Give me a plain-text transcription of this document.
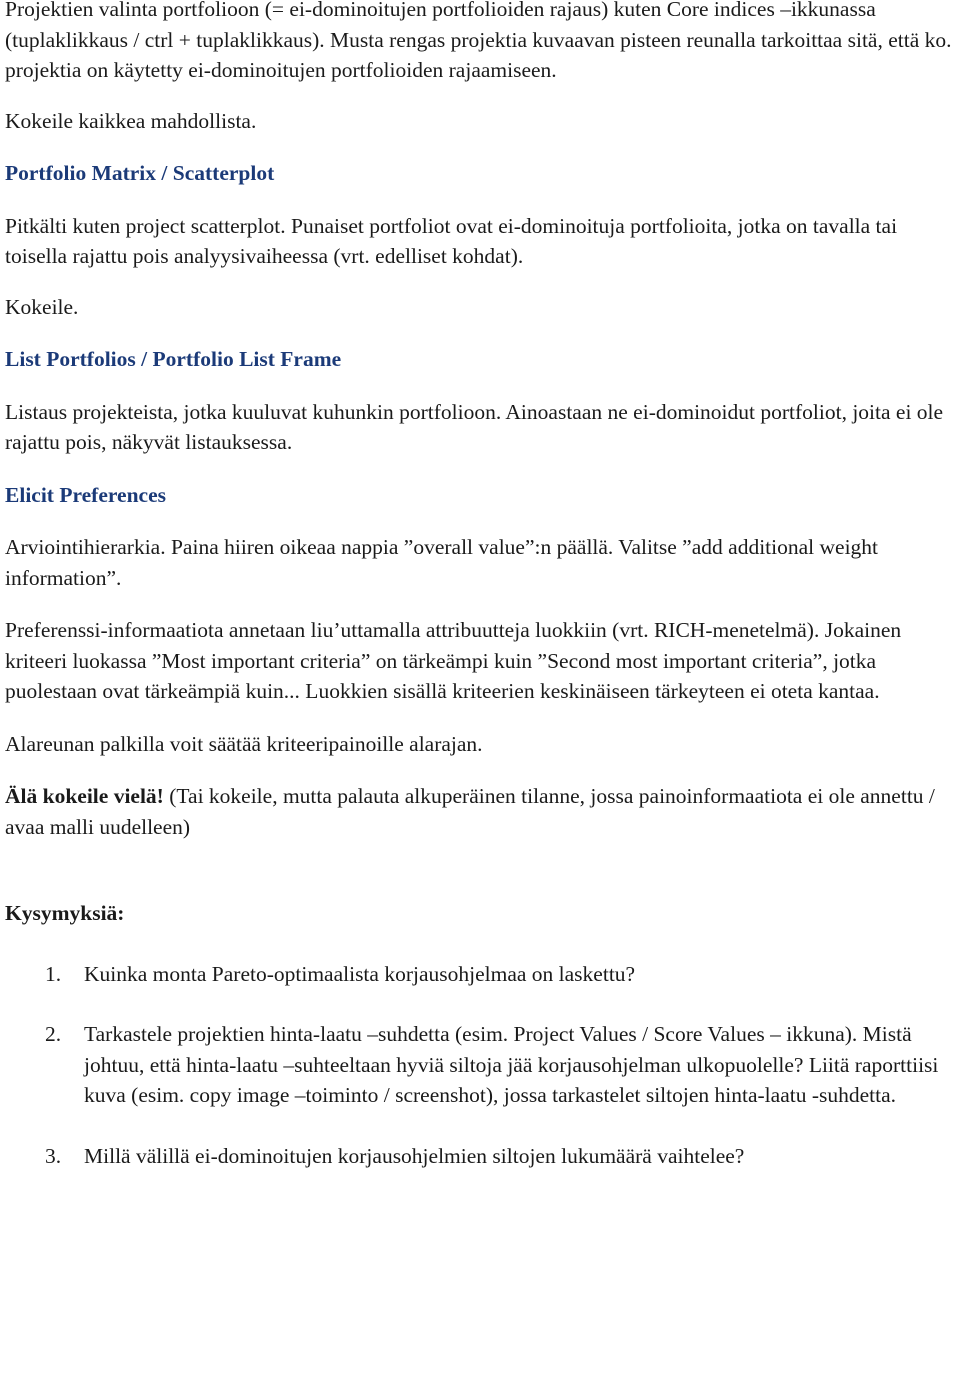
Projektien valinta portfolioon (= ei-dominoitujen portfolioiden rajaus) kuten Core indices –ikkunassa (tuplaklikkaus / ctrl + tuplaklikkaus). Musta rengas projektia kuvaavan pisteen reunalla tarkoittaa sitä, että ko. projektia on käytetty ei-dominoitujen portfolioiden rajaamiseen.

Kokeile kaikkea mahdollista.

Portfolio Matrix / Scatterplot

Pitkälti kuten project scatterplot. Punaiset portfoliot ovat ei-dominoituja portfolioita, jotka on tavalla tai toisella rajattu pois analyysivaiheessa (vrt. edelliset kohdat).

Kokeile.

List Portfolios / Portfolio List Frame

Listaus projekteista, jotka kuuluvat kuhunkin portfolioon. Ainoastaan ne ei-dominoidut portfoliot, joita ei ole rajattu pois, näkyvät listauksessa.

Elicit Preferences

Arviointihierarkia. Paina hiiren oikeaa nappia ”overall value”:n päällä. Valitse ”add additional weight information”.

Preferenssi-informaatiota annetaan liu’uttamalla attribuutteja luokkiin (vrt. RICH-menetelmä). Jokainen kriteeri luokassa ”Most important criteria” on tärkeämpi kuin ”Second most important criteria”, jotka puolestaan ovat tärkeämpiä kuin... Luokkien sisällä kriteerien keskinäiseen tärkeyteen ei oteta kantaa.

Alareunan palkilla voit säätää kriteeripainoille alarajan.

Älä kokeile vielä! (Tai kokeile, mutta palauta alkuperäinen tilanne, jossa painoinformaatiota ei ole annettu / avaa malli uudelleen)

Kysymyksiä:

1. Kuinka monta Pareto-optimaalista korjausohjelmaa on laskettu?
2. Tarkastele projektien hinta-laatu –suhdetta (esim. Project Values / Score Values – ikkuna). Mistä johtuu, että hinta-laatu –suhteeltaan hyviä siltoja jää korjausohjelman ulkopuolelle? Liitä raporttiisi kuva (esim. copy image –toiminto / screenshot), jossa tarkastelet siltojen hinta-laatu -suhdetta.
3. Millä välillä ei-dominoitujen korjausohjelmien siltojen lukumäärä vaihtelee?
